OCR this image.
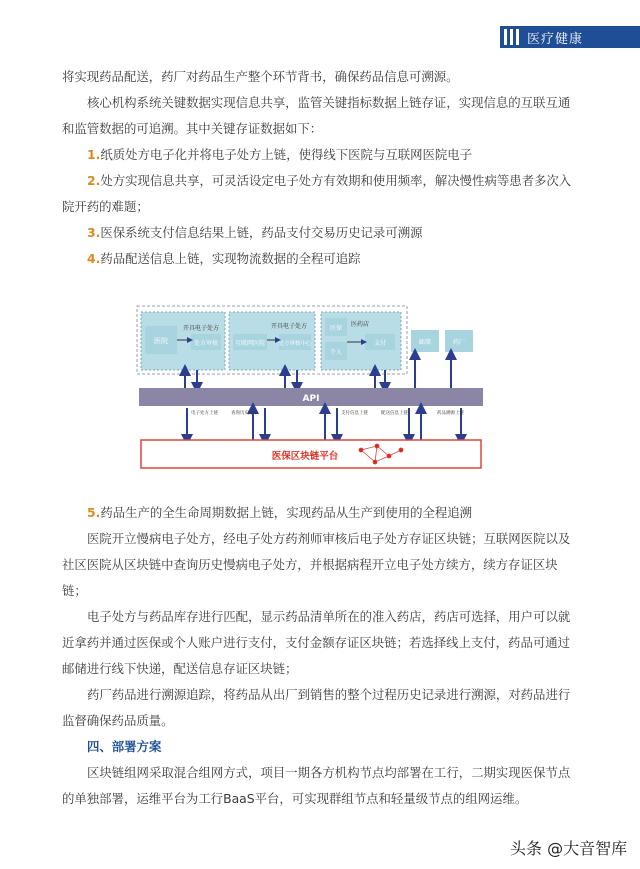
医疗健康

将实现药品配送，药厂对药品生产整个环节背书，确保药品信息可溯源。

核心机构系统关键数据实现信息共享，监管关键指标数据上链存证，实现信息的互联互通和监管数据的可追溯。其中关键存证数据如下：

1.纸质处方电子化并将电子处方上链，使得线下医院与互联网医院电子

2.处方实现信息共享，可灵活设定电子处方有效期和使用频率，解决慢性病等患者多次入院开药的难题；

3.医保系统支付信息结果上链，药品支付交易历史记录可溯源

4.药品配送信息上链，实现物流数据的全程可追踪

医院
开具电子处方
处方审核	互联网医院
开具电子处方
处方审核中心
医保
医药店
个人
支付	邮储	药厂
API
电子处方上链	查询历史记录	支付信息上链	配送信息上链	药品溯源上链
医保区块链平台

5.药品生产的全生命周期数据上链，实现药品从生产到使用的全程追溯

医院开立慢病电子处方，经电子处方药剂师审核后电子处方存证区块链；互联网医院以及社区医院从区块链中查询历史慢病电子处方，并根据病程开立电子处方续方，续方存证区块链；

电子处方与药品库存进行匹配，显示药品清单所在的准入药店，药店可选择，用户可以就近拿药并通过医保或个人账户进行支付，支付金额存证区块链；若选择线上支付，药品可通过邮储进行线下快递，配送信息存证区块链；

药厂药品进行溯源追踪，将药品从出厂到销售的整个过程历史记录进行溯源，对药品进行监督确保药品质量。

四、部署方案

区块链组网采取混合组网方式，项目一期各方机构节点均部署在工行，二期实现医保节点的单独部署，运维平台为工行BaaS平台，可实现群组节点和轻量级节点的组网运维。

头条 @大音智库
